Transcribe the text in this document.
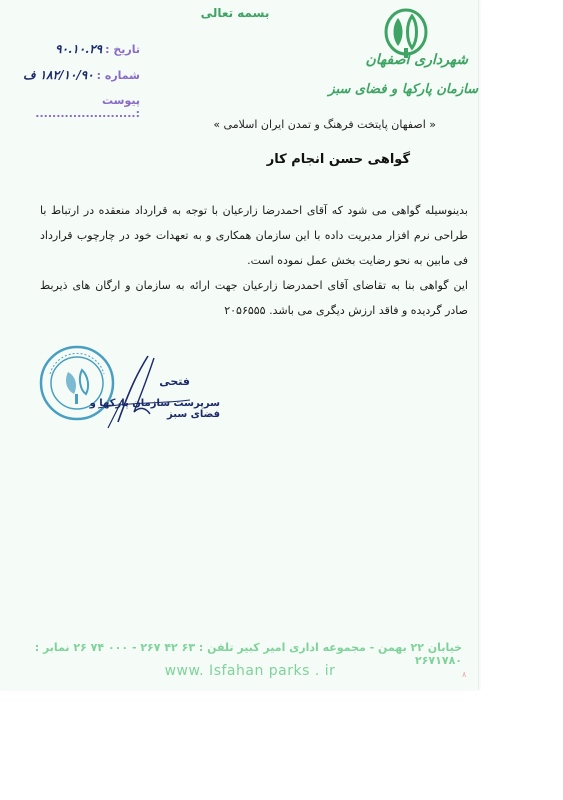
بسمه تعالی
شهرداری اصفهان
سازمان پارکها و فضای سبز
تاریخ :۹۰.۱۰.۲۹
شماره :۱۸۲/۱۰/۹۰ ف
پیوست :........................
« اصفهان پایتخت فرهنگ و تمدن ایران اسلامی »
گواهی حسن انجام کار

بدینوسیله گواهی می شود که آقای احمدرضا زارعیان با توجه به قرارداد منعقده در ارتباط با طراحی نرم افزار مدیریت داده با این سازمان همکاری و به تعهدات خود در چارچوب قرارداد فی مابین به نحو رضایت بخش عمل نموده است.

این گواهی بنا به تقاضای آقای احمدرضا زارعیان جهت ارائه به سازمان و ارگان های ذیربط صادر گردیده و فاقد ارزش دیگری می باشد. ۲۰۵۶۵۵۵

فتحی
سرپرست سازمان پارکها و فضای سبز
خیابان ۲۲ بهمن - مجموعه اداری امیر کبیر تلفن : ۶۳ ۴۲ ۲۶۷ - ۰۰۰ ۷۴ ۲۶ نمابر : ۲۶۷۱۷۸۰
www. Isfahan parks . ir	٨
